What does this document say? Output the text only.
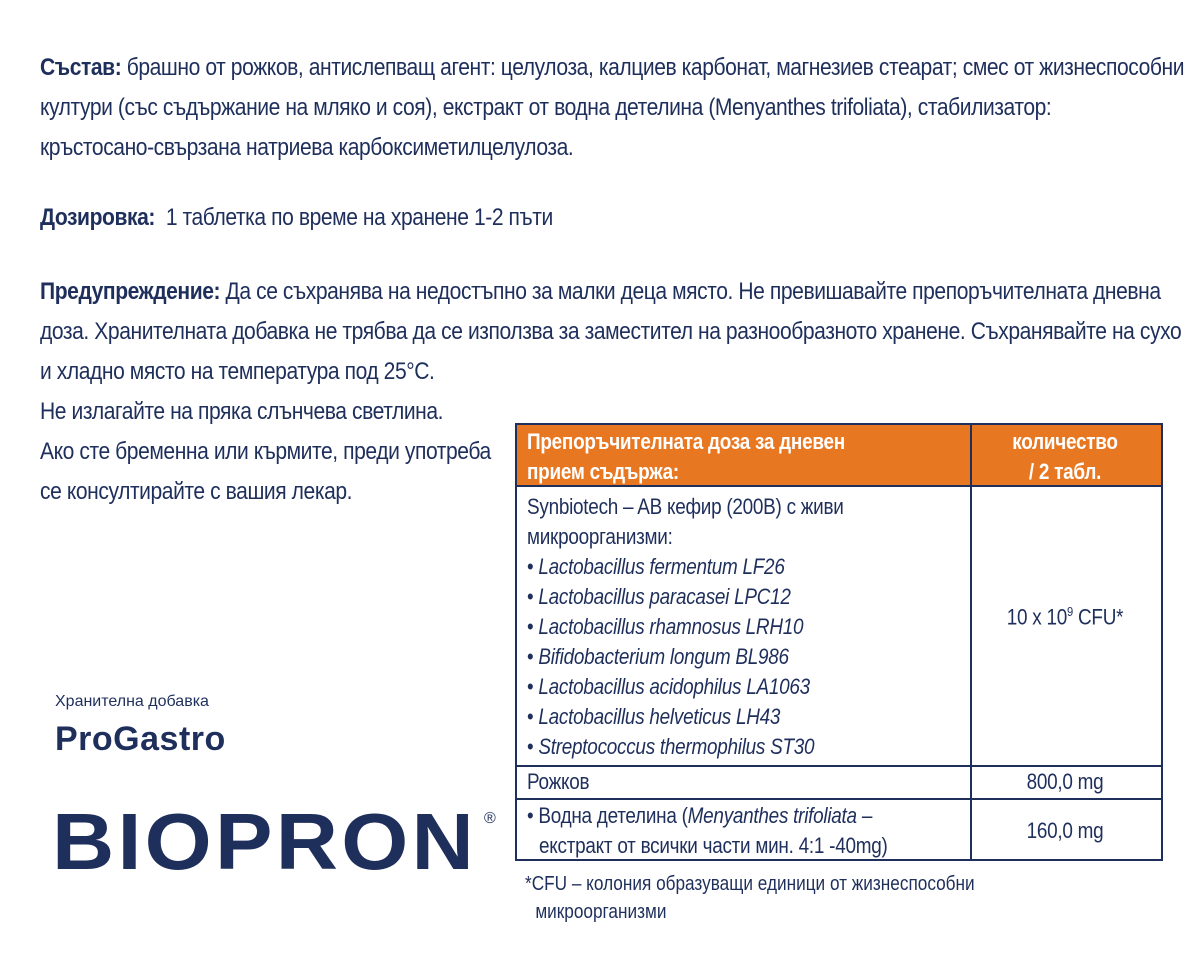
Състав: брашно от рожков, антислепващ агент: целулоза, калциев карбонат, магнезиев стеарат; смес от жизнеспособни
култури (със съдържание на мляко и соя), екстракт от водна детелина (Menyanthes trifoliata), стабилизатор:
кръстосано-свързана натриева карбоксиметилцелулоза.
Дозировка:  1 таблетка по време на хранене 1-2 пъти
Предупреждение: Да се съхранява на недостъпно за малки деца място. Не превишавайте препоръчителната дневна
доза. Хранителната добавка не трябва да се използва за заместител на разнообразното хранене. Съхранявайте на сухо
и хладно място на температура под 25°C.
Не излагайте на пряка слънчева светлина.
Ако сте бременна или кърмите, преди употреба
се консултирайте с вашия лекар.
Препоръчителната доза за дневен
прием съдържа:
количество
/ 2 табл.
Synbiotech – AB кефир (200B) с живи
микроорганизми:
• Lactobacillus fermentum LF26
• Lactobacillus paracasei LPC12
• Lactobacillus rhamnosus LRH10
• Bifidobacterium longum BL986
• Lactobacillus acidophilus LA1063
• Lactobacillus helveticus LH43
• Streptococcus thermophilus ST30
10 x $10^9$ CFU*
Рожков	800,0 mg
• Водна детелина (Menyanthes trifoliata –
екстракт от всички части мин. 4:1 -40mg)
160,0 mg
*CFU – колония образуващи единици от жизнеспособни
микроорганизми
Хранителна добавка
ProGastro
BIOPRON ®
